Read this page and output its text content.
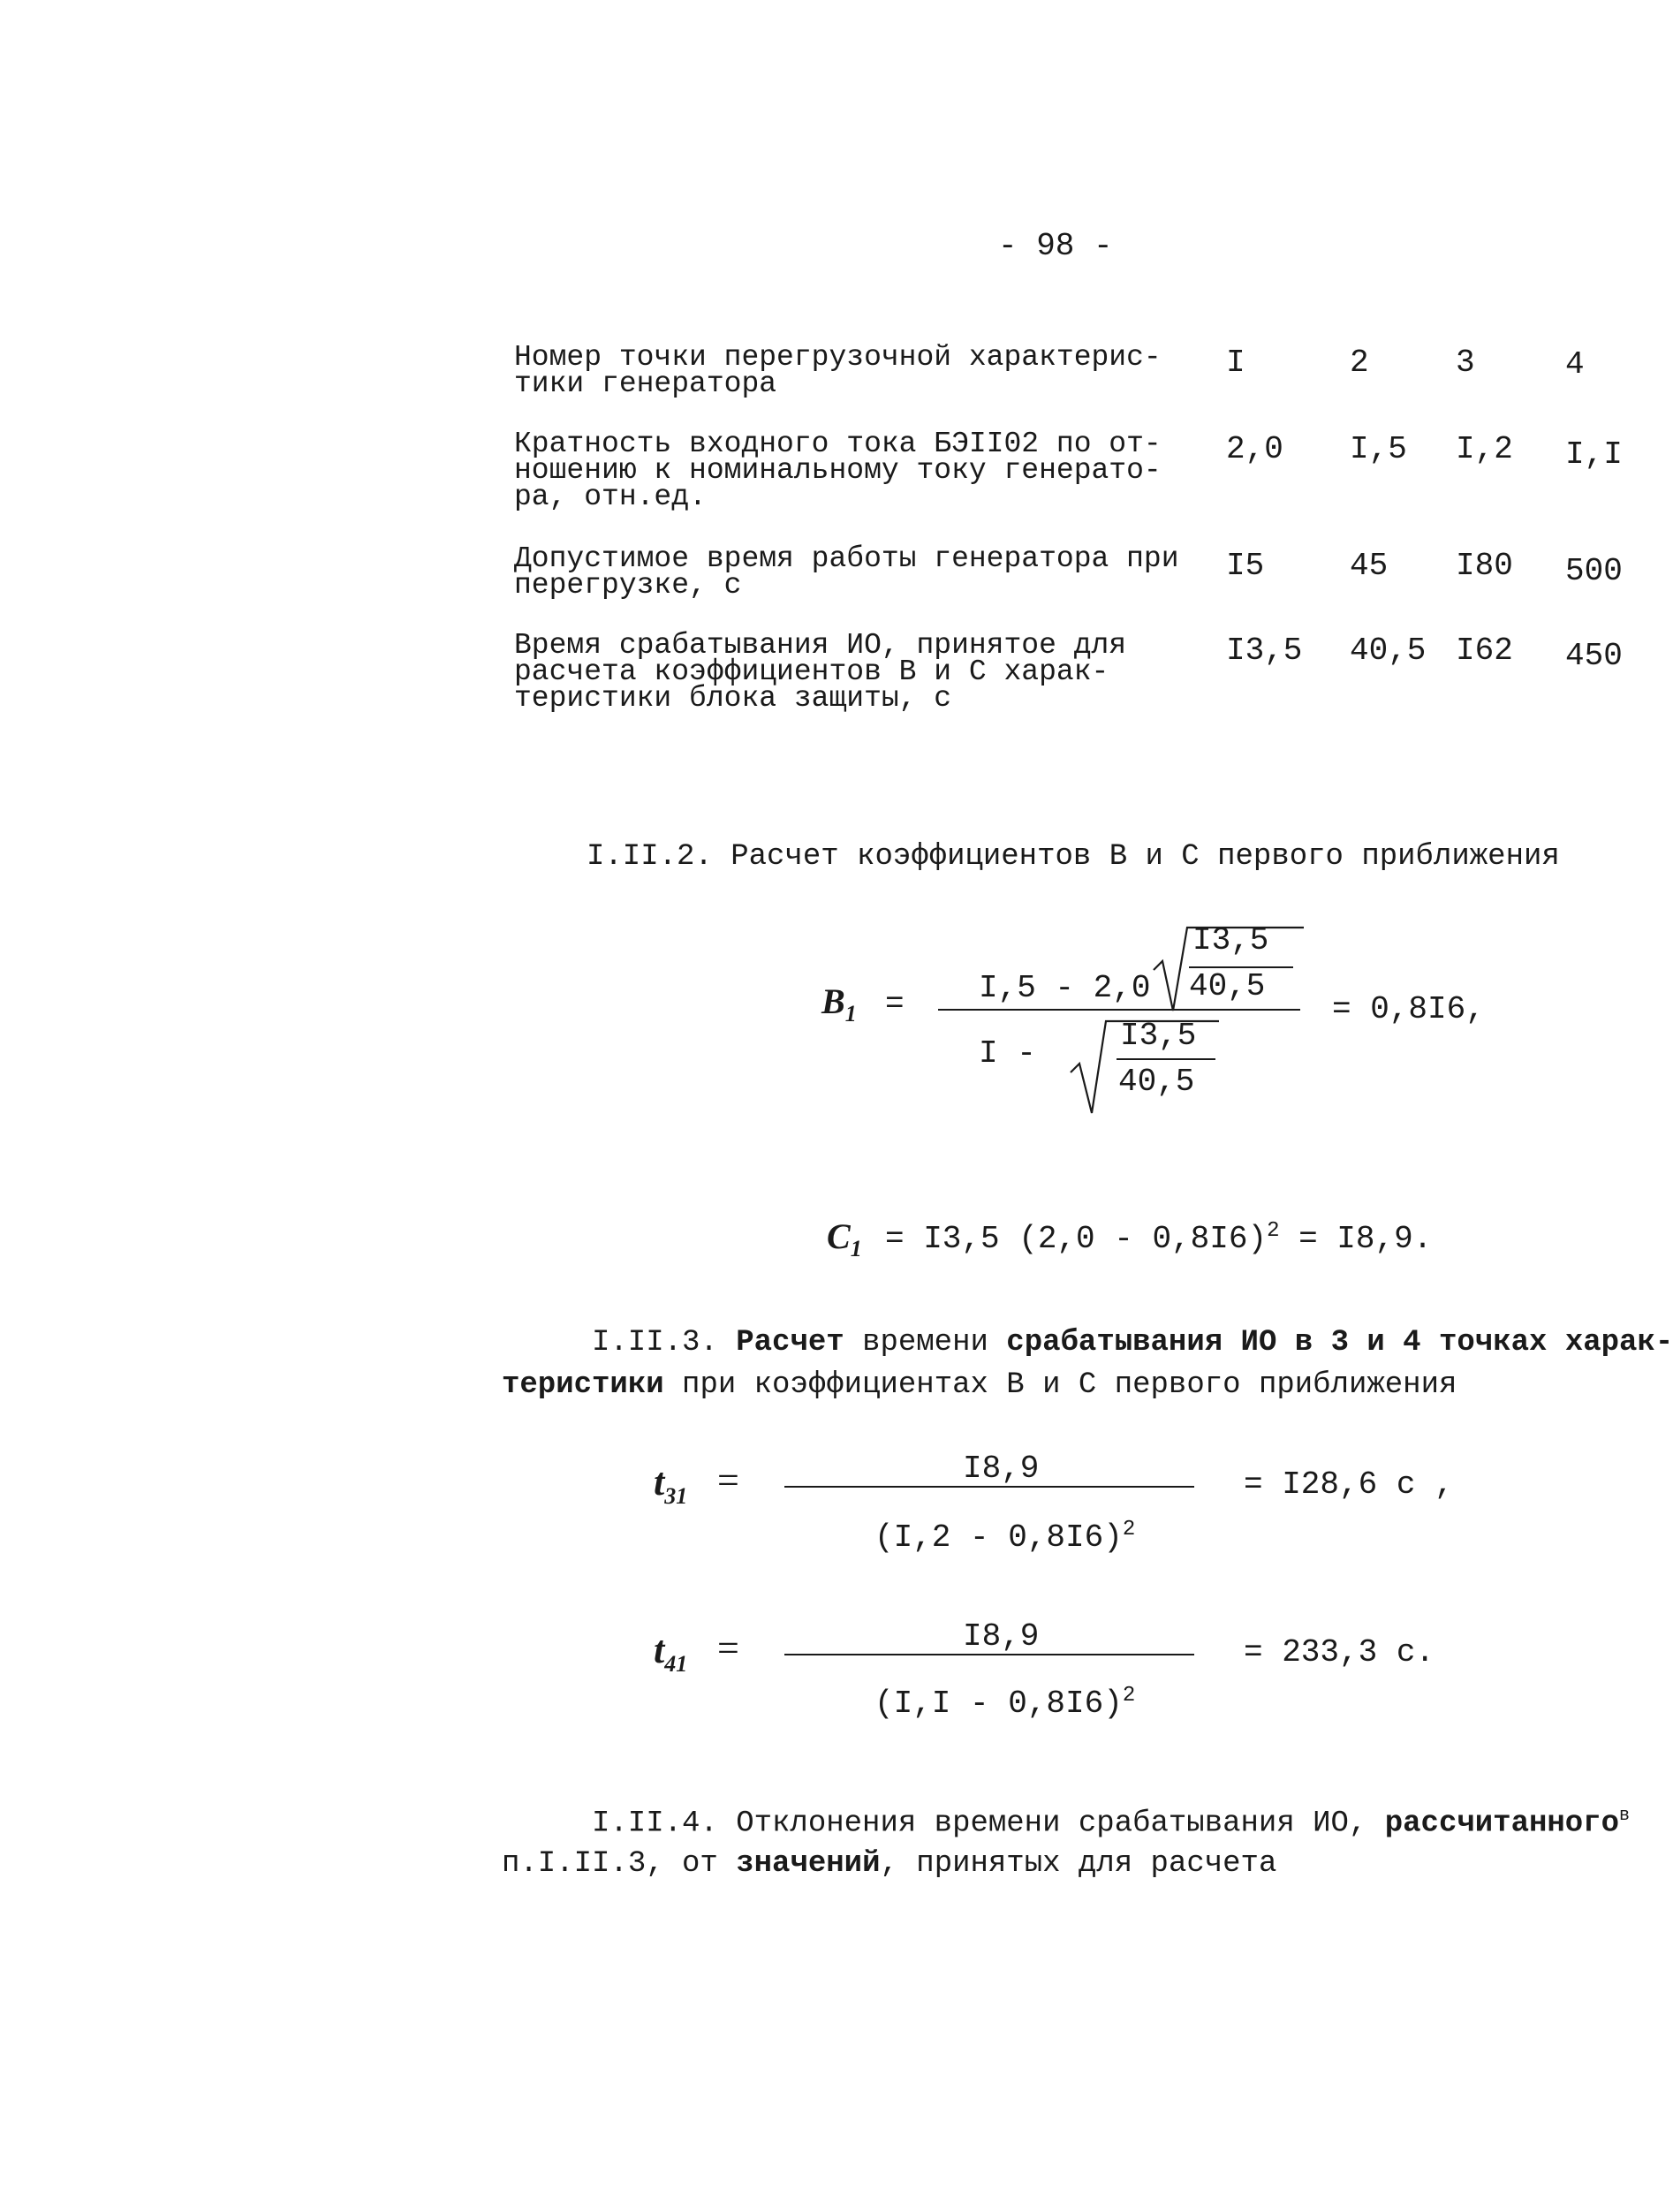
- 98 -
Номер точки перегрузочной характерис-
тики генератора
I	2	3	4
Кратность входного тока БЭII02 по от-
ношению к номинальному току генерато-
ра, отн.ед.
2,0 I,5 I,2 I,I
Допустимое время работы генератора при
перегрузке, с
I5	45 I80 500
Время срабатывания ИО, принятое для
расчета коэффициентов B и C харак-
теристики блока защиты, с
I3,5 40,5 I62 450
I.II.2. Расчет коэффициентов B и C первого приближения
$B_1 = I,5 - 2,0$
I3,5
40,5
I -	I3,5
40,5
= 0,8I6,
$C_1 = I3,5$ (2,0 - 0,8I6)$^2$ = I8,9.
I.II.3. Расчет времени срабатывания ИО в 3 и 4 точках харак-
теристики при коэффициентах B и C первого приближения
$t_{31}$ =	I8,9
(I,2 - 0,8I6)$^2$
= I28,6 с ,
$t_{41}$ =	I8,9
(I,I - 0,8I6)$^2$
= 233,3 с.
I.II.4. Отклонения времени срабатывания ИО, рассчитанного$^в$
п.I.II.3, от значений, принятых для расчета
